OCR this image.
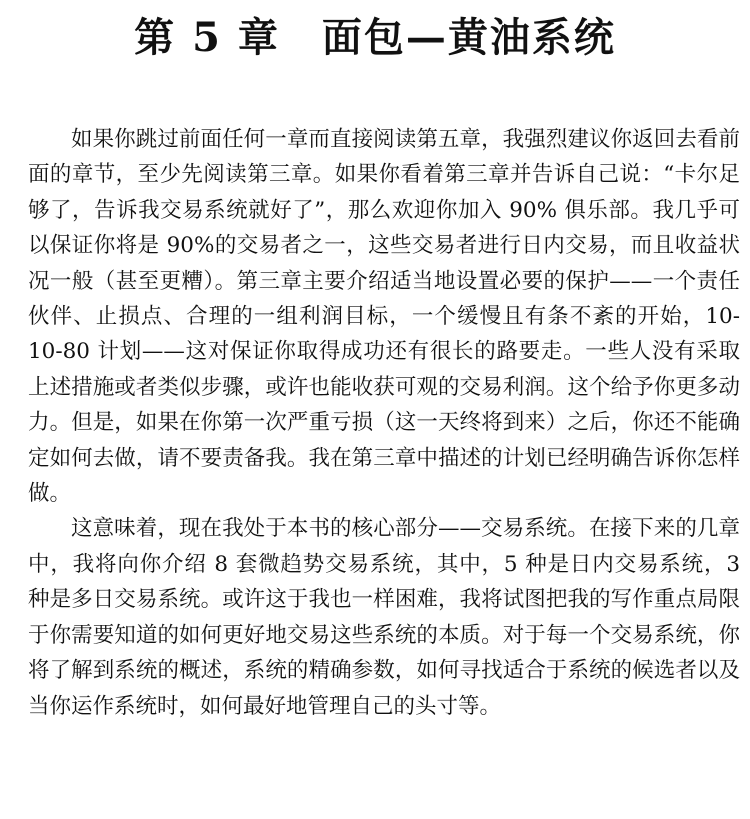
第 5 章 面包—黄油系统

如果你跳过前面任何一章而直接阅读第五章，我强烈建议你返回去看前面的章节，至少先阅读第三章。如果你看着第三章并告诉自己说：“卡尔足够了，告诉我交易系统就好了”，那么欢迎你加入 90% 俱乐部。我几乎可以保证你将是 90%的交易者之一，这些交易者进行日内交易，而且收益状况一般（甚至更糟）。第三章主要介绍适当地设置必要的保护——一个责任伙伴、止损点、合理的一组利润目标，一个缓慢且有条不紊的开始，10-10-80 计划——这对保证你取得成功还有很长的路要走。一些人没有采取上述措施或者类似步骤，或许也能收获可观的交易利润。这个给予你更多动力。但是，如果在你第一次严重亏损（这一天终将到来）之后，你还不能确定如何去做，请不要责备我。我在第三章中描述的计划已经明确告诉你怎样做。

这意味着，现在我处于本书的核心部分——交易系统。在接下来的几章中，我将向你介绍 8 套微趋势交易系统，其中，5 种是日内交易系统，3 种是多日交易系统。或许这于我也一样困难，我将试图把我的写作重点局限于你需要知道的如何更好地交易这些系统的本质。对于每一个交易系统，你将了解到系统的概述，系统的精确参数，如何寻找适合于系统的候选者以及当你运作系统时，如何最好地管理自己的头寸等。
